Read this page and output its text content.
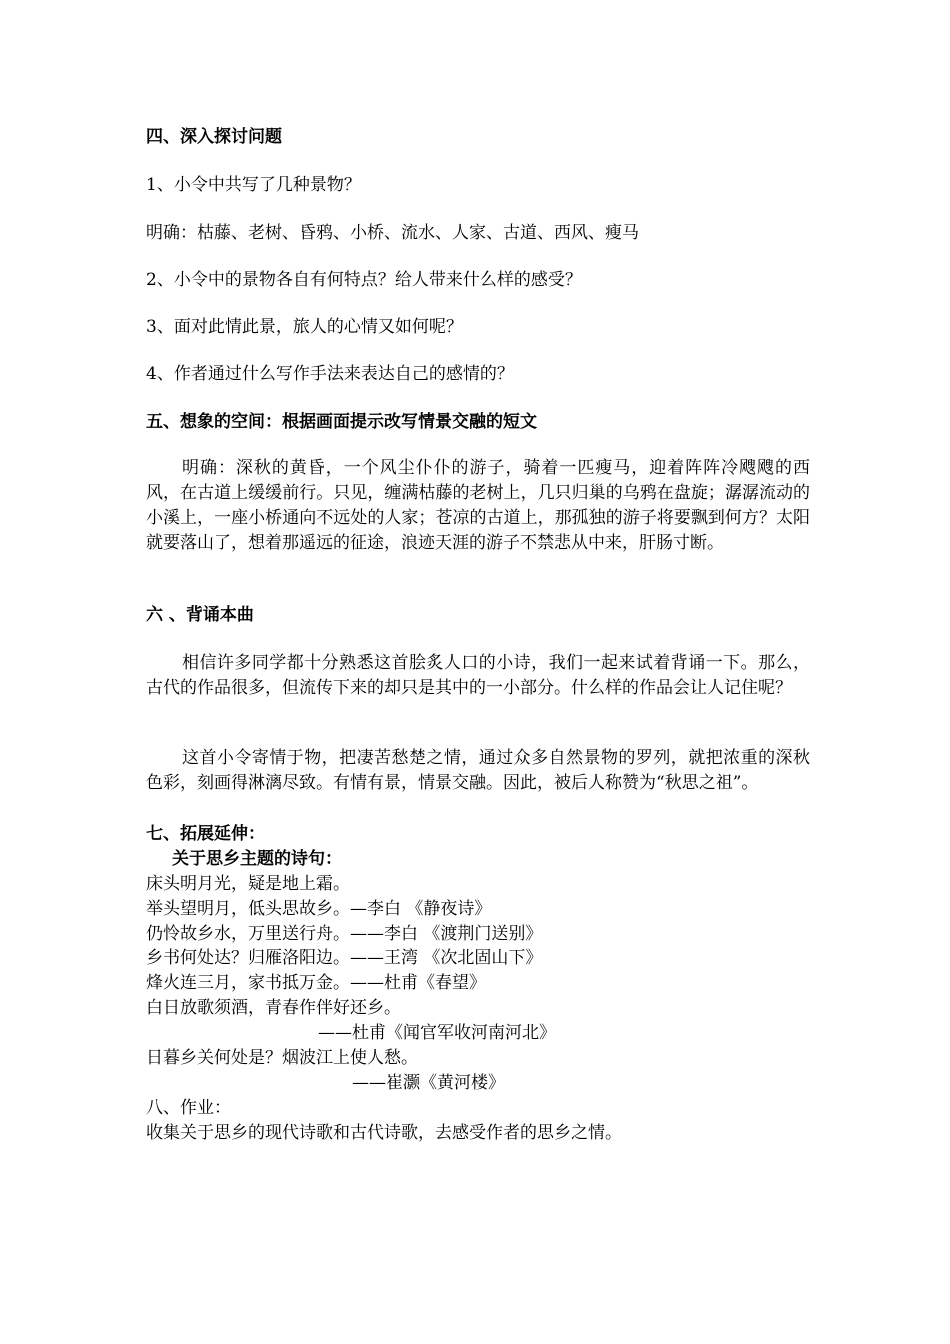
四、深入探讨问题
1、小令中共写了几种景物？
明确：枯藤、老树、昏鸦、小桥、流水、人家、古道、西风、瘦马
2、小令中的景物各自有何特点？给人带来什么样的感受？
3、面对此情此景，旅人的心情又如何呢？
4、作者通过什么写作手法来表达自己的感情的？
五、想象的空间：根据画面提示改写情景交融的短文
明确：深秋的黄昏，一个风尘仆仆的游子，骑着一匹瘦马，迎着阵阵冷飕飕的西风，在古道上缓缓前行。只见，缠满枯藤的老树上，几只归巢的乌鸦在盘旋；潺潺流动的小溪上，一座小桥通向不远处的人家；苍凉的古道上，那孤独的游子将要飘到何方？太阳就要落山了，想着那遥远的征途，浪迹天涯的游子不禁悲从中来，肝肠寸断。
六 、背诵本曲
相信许多同学都十分熟悉这首脍炙人口的小诗，我们一起来试着背诵一下。那么，古代的作品很多，但流传下来的却只是其中的一小部分。什么样的作品会让人记住呢？
这首小令寄情于物，把凄苦愁楚之情，通过众多自然景物的罗列，就把浓重的深秋色彩，刻画得淋漓尽致。有情有景，情景交融。因此，被后人称赞为“秋思之祖”。
七、拓展延伸：
关于思乡主题的诗句：
床头明月光，疑是地上霜。
举头望明月，低头思故乡。—李白 《静夜诗》
仍怜故乡水，万里送行舟。——李白 《渡荆门送别》
乡书何处达？归雁洛阳边。——王湾 《次北固山下》
烽火连三月，家书抵万金。——杜甫《春望》
白日放歌须酒，青春作伴好还乡。
——杜甫《闻官军收河南河北》
日暮乡关何处是？烟波江上使人愁。
——崔灏《黄河楼》
八、作业：
收集关于思乡的现代诗歌和古代诗歌，去感受作者的思乡之情。
